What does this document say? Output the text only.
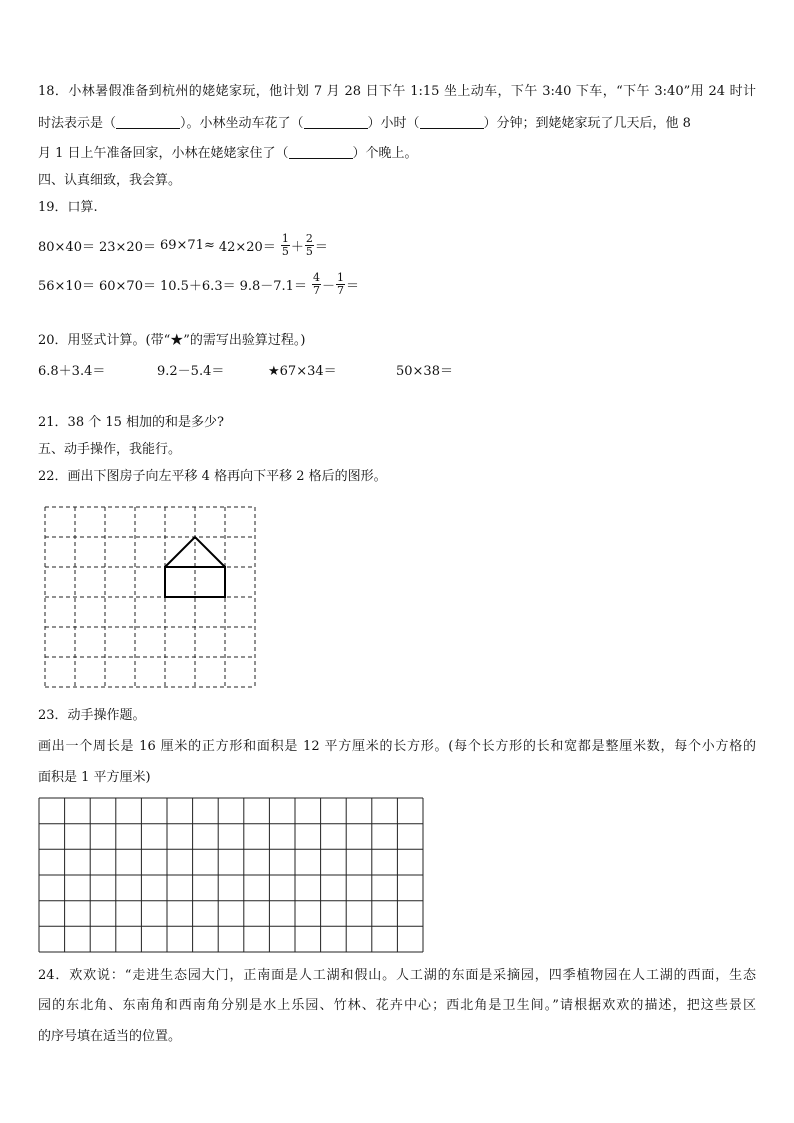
18．小林暑假准备到杭州的姥姥家玩，他计划 7 月 28 日下午 1:15 坐上动车，下午 3:40 下车，“下午 3:40”用 24 时计
时法表示是（	）。小林坐动车花了（	）小时（	）分钟；到姥姥家玩了几天后，他 8
月 1 日上午准备回家，小林在姥姥家住了（	）个晚上。
四、认真细致，我会算。
19．口算.
$80\times 40= 23\times 20= 69\times 71\approx 42\times 20= \frac{1}{5} + \frac{2}{5}$ ＝
$56\times 10= 60\times 70= 10.5+6.3= 9.8-7.1= \frac{4}{7} - \frac{1}{7}$ ＝
20．用竖式计算。(带“★”的需写出验算过程。)
6.8＋3.4＝	9.2－5.4＝	★67×34＝	50×38＝
21．38 个 15 相加的和是多少?
五、动手操作，我能行。
22．画出下图房子向左平移 4 格再向下平移 2 格后的图形。
23．动手操作题。
画出一个周长是 16 厘米的正方形和面积是 12 平方厘米的长方形。(每个长方形的长和宽都是整厘米数，每个小方格的
面积是 1 平方厘米)
24．欢欢说：“走进生态园大门，正南面是人工湖和假山。人工湖的东面是采摘园，四季植物园在人工湖的西面，生态
园的东北角、东南角和西南角分别是水上乐园、竹林、花卉中心；西北角是卫生间。”请根据欢欢的描述，把这些景区
的序号填在适当的位置。
